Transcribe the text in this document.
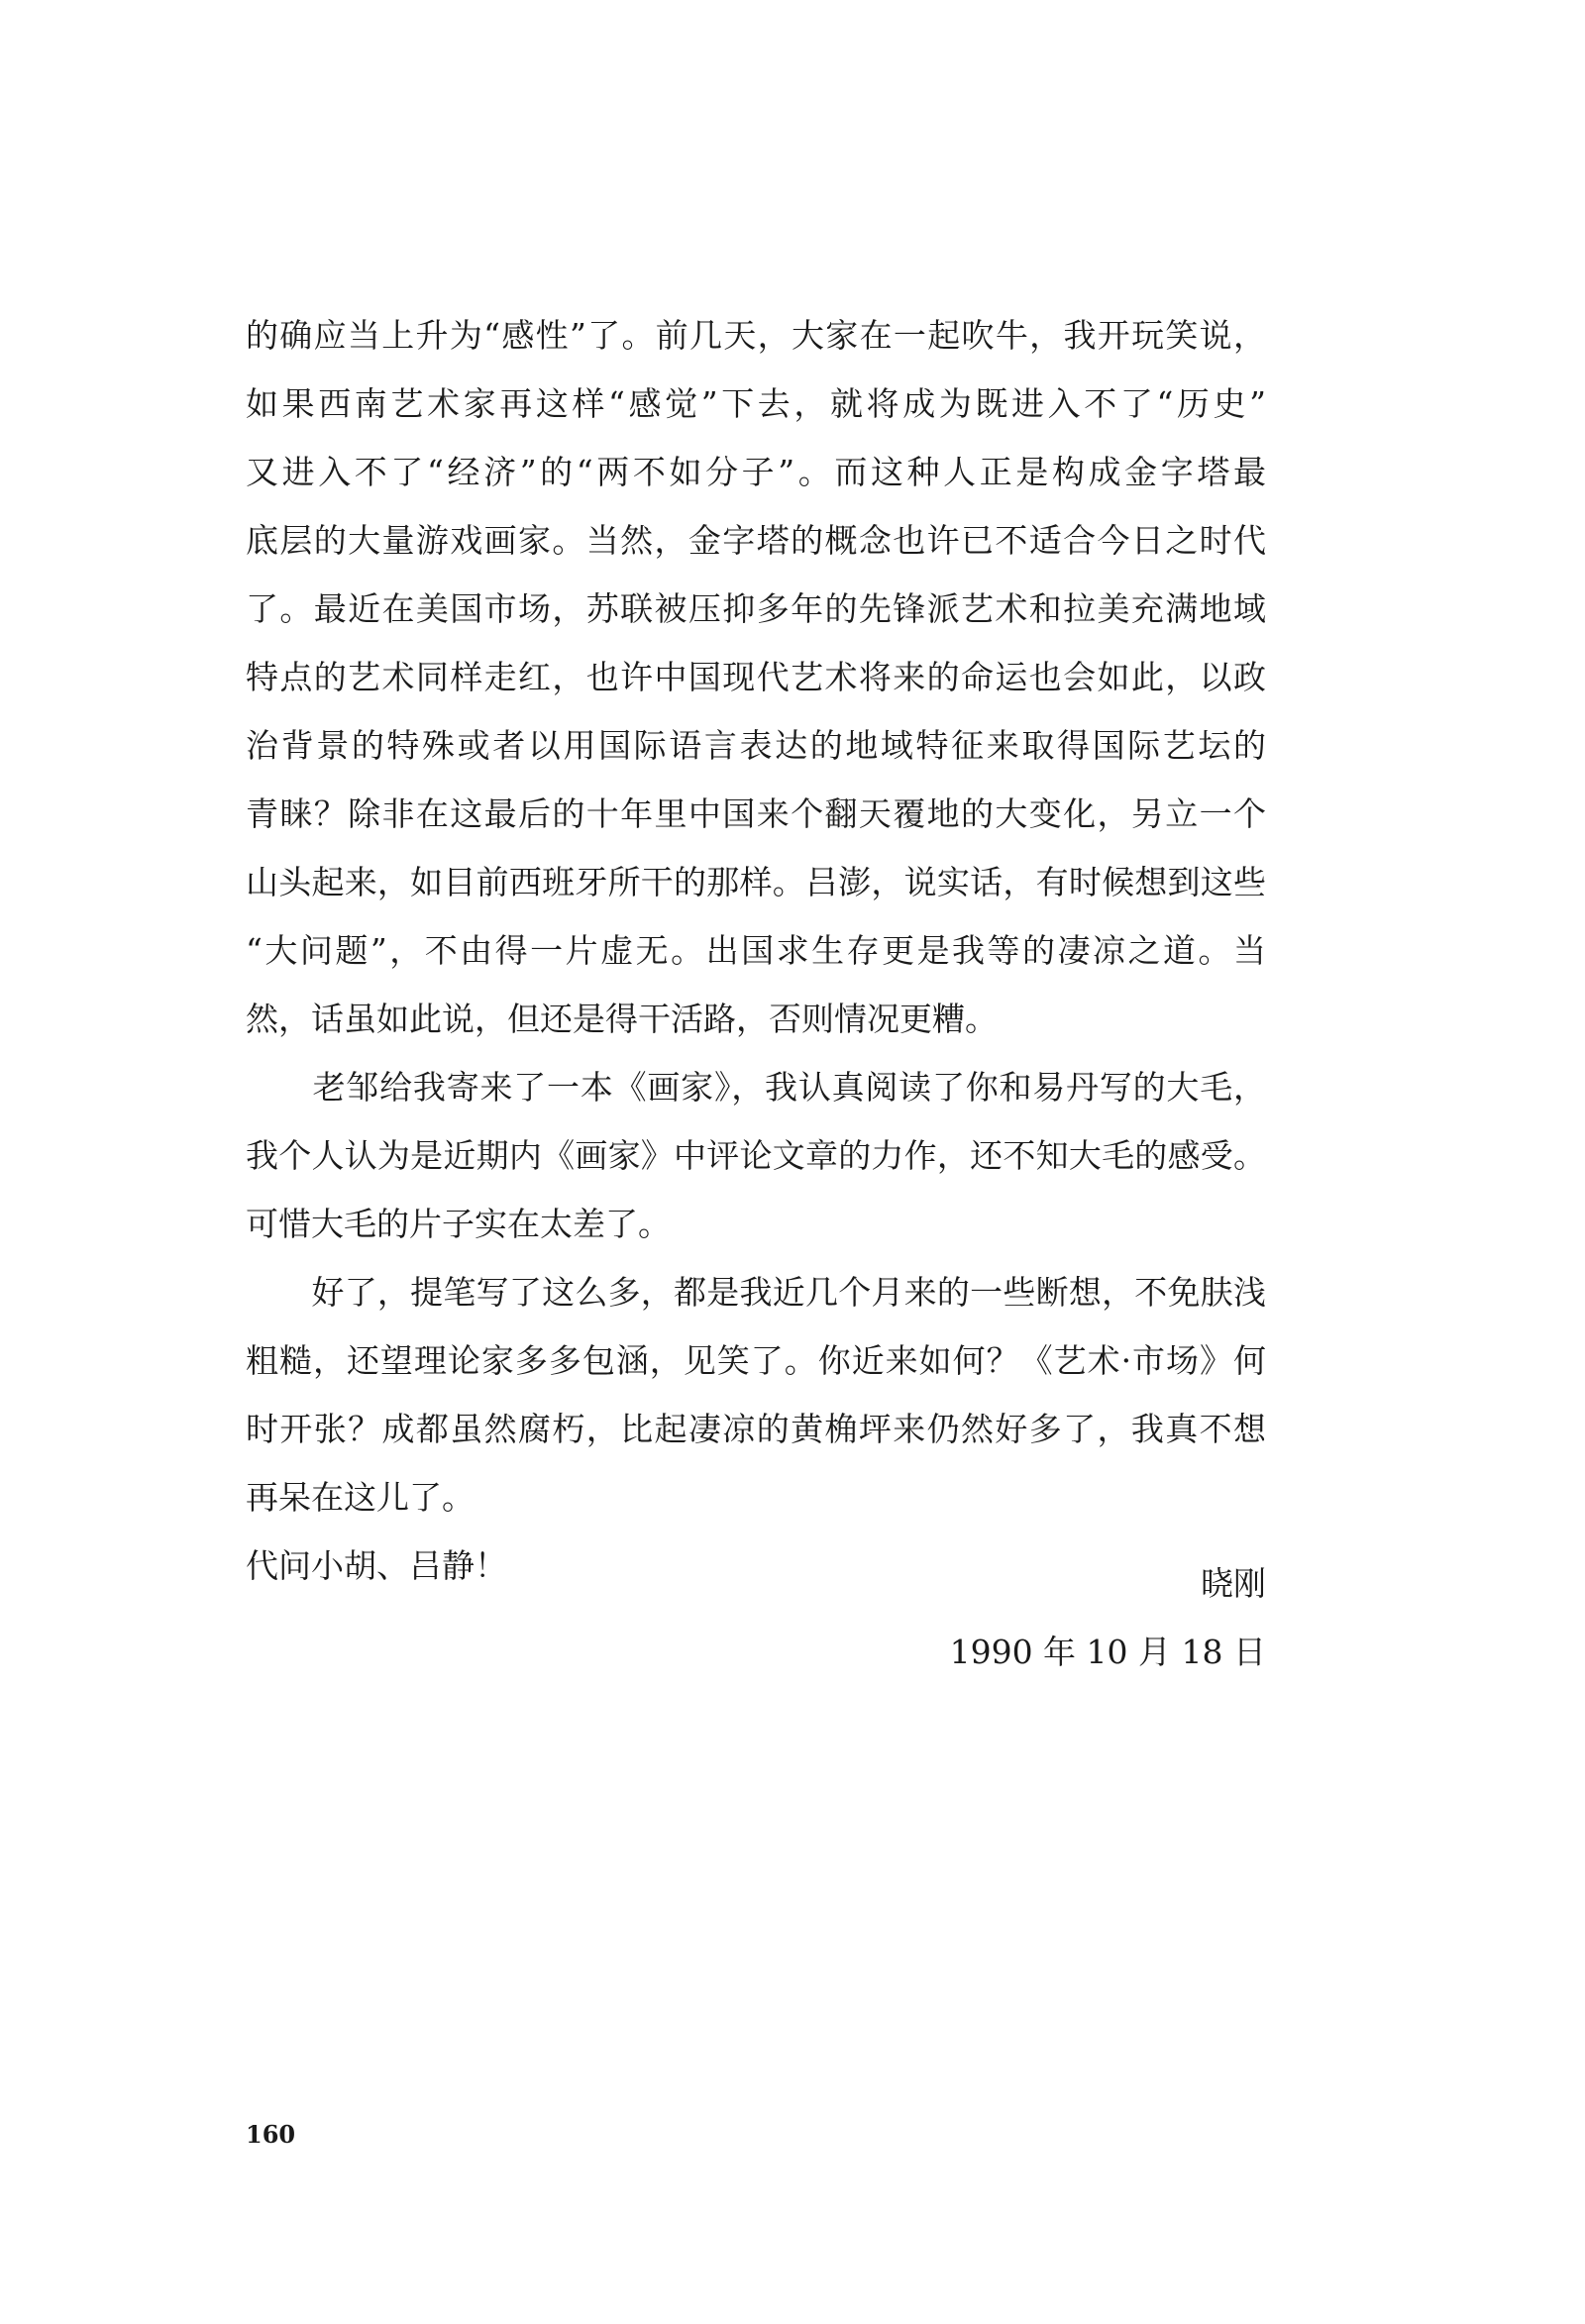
的确应当上升为“感性”了。前几天，大家在一起吹牛，我开玩笑说，
如果西南艺术家再这样“感觉”下去，就将成为既进入不了“历史”
又进入不了“经济”的“两不如分子”。而这种人正是构成金字塔最
底层的大量游戏画家。当然，金字塔的概念也许已不适合今日之时代
了。最近在美国市场，苏联被压抑多年的先锋派艺术和拉美充满地域
特点的艺术同样走红，也许中国现代艺术将来的命运也会如此，以政
治背景的特殊或者以用国际语言表达的地域特征来取得国际艺坛的
青睐？除非在这最后的十年里中国来个翻天覆地的大变化，另立一个
山头起来，如目前西班牙所干的那样。吕澎，说实话，有时候想到这些
“大问题”，不由得一片虚无。出国求生存更是我等的凄凉之道。当
然，话虽如此说，但还是得干活路，否则情况更糟。
　　老邹给我寄来了一本《画家》，我认真阅读了你和易丹写的大毛，
我个人认为是近期内《画家》中评论文章的力作，还不知大毛的感受。
可惜大毛的片子实在太差了。
　　好了，提笔写了这么多，都是我近几个月来的一些断想，不免肤浅
粗糙，还望理论家多多包涵，见笑了。你近来如何？《艺术·市场》何
时开张？成都虽然腐朽，比起凄凉的黄桷坪来仍然好多了，我真不想
再呆在这儿了。
代问小胡、吕静！	晓刚
1990 年 10 月 18 日
160
